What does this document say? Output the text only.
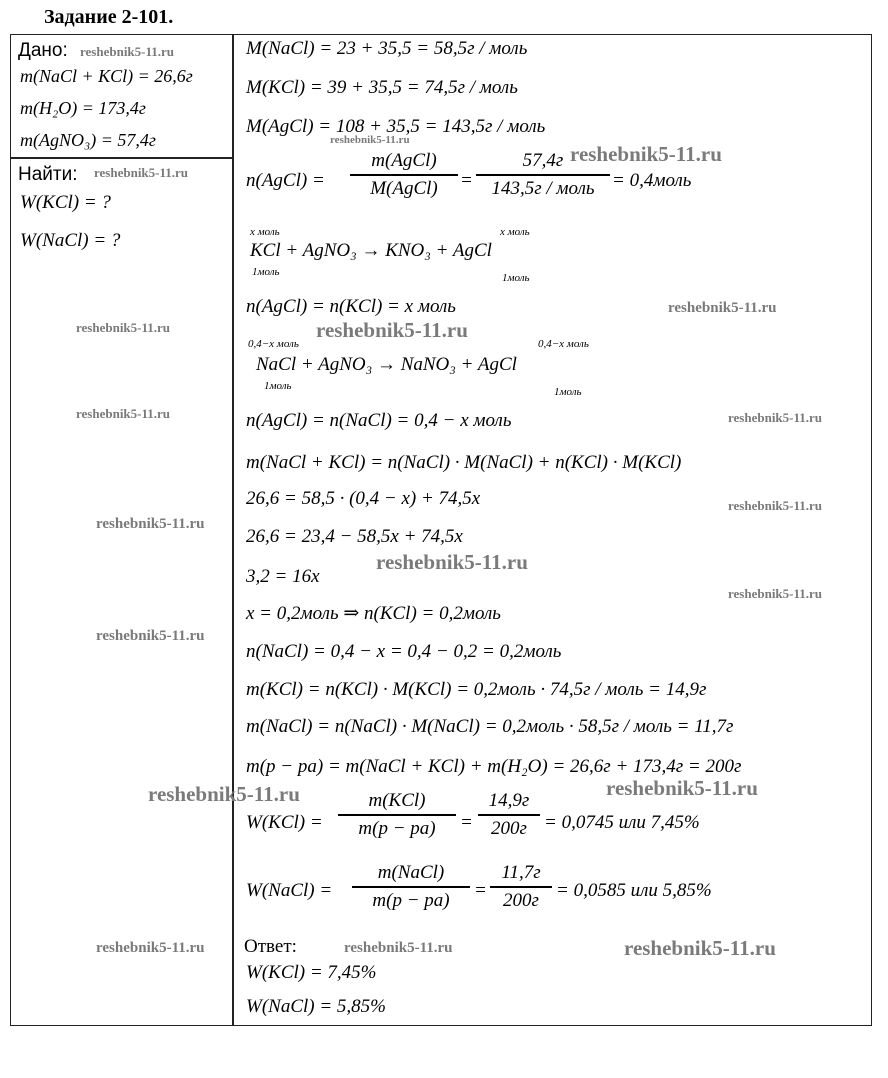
Задание 2-101.
Дано:
m(NaCl + KCl) = 26,6г
m(H₂O) = 173,4г
m(AgNO₃) = 57,4г
Найти:
W(KCl) = ?
W(NaCl) = ?
M(NaCl) = 23 + 35,5 = 58,5г / моль
M(KCl) = 39 + 35,5 = 74,5г / моль
M(AgCl) = 108 + 35,5 = 143,5г / моль
n(AgCl) =
m(AgCl)
M(AgCl)	=
57,4г
143,5г / моль = 0,4моль
x моль	x моль
KCl + AgNO₃ → KNO₃ + AgCl
1моль	1моль
n(AgCl) = n(KCl) = x моль
0,4−x моль	0,4−x моль
NaCl + AgNO₃ → NaNO₃ + AgCl
1моль	1моль
n(AgCl) = n(NaCl) = 0,4 − x моль
m(NaCl + KCl) = n(NaCl) · M(NaCl) + n(KCl) · M(KCl)
26,6 = 58,5 · (0,4 − x) + 74,5x
26,6 = 23,4 − 58,5x + 74,5x
3,2 = 16x
x = 0,2моль ⇒ n(KCl) = 0,2моль
n(NaCl) = 0,4 − x = 0,4 − 0,2 = 0,2моль
m(KCl) = n(KCl) · M(KCl) = 0,2моль · 74,5г / моль = 14,9г
m(NaCl) = n(NaCl) · M(NaCl) = 0,2моль · 58,5г / моль = 11,7г
m(p − pa) = m(NaCl + KCl) + m(H₂O) = 26,6г + 173,4г = 200г
W(KCl) =
m(KCl)
m(p − pa)	=
14,9г
200г = 0,0745 или 7,45%
W(NaCl) =
m(NaCl)
m(p − pa)	=
11,7г
200г = 0,0585 или 5,85%
Ответ:
W(KCl) = 7,45%
W(NaCl) = 5,85%
reshebnik5-11.ru
reshebnik5-11.ru
reshebnik5-11.ru
reshebnik5-11.ru
reshebnik5-11.ru	reshebnik5-11.ru
reshebnik5-11.ru
reshebnik5-11.ru	reshebnik5-11.ru
reshebnik5-11.ru
reshebnik5-11.ru
reshebnik5-11.ru
reshebnik5-11.ru
reshebnik5-11.ru
reshebnik5-11.ru	reshebnik5-11.ru
reshebnik5-11.ru	reshebnik5-11.ru	reshebnik5-11.ru
